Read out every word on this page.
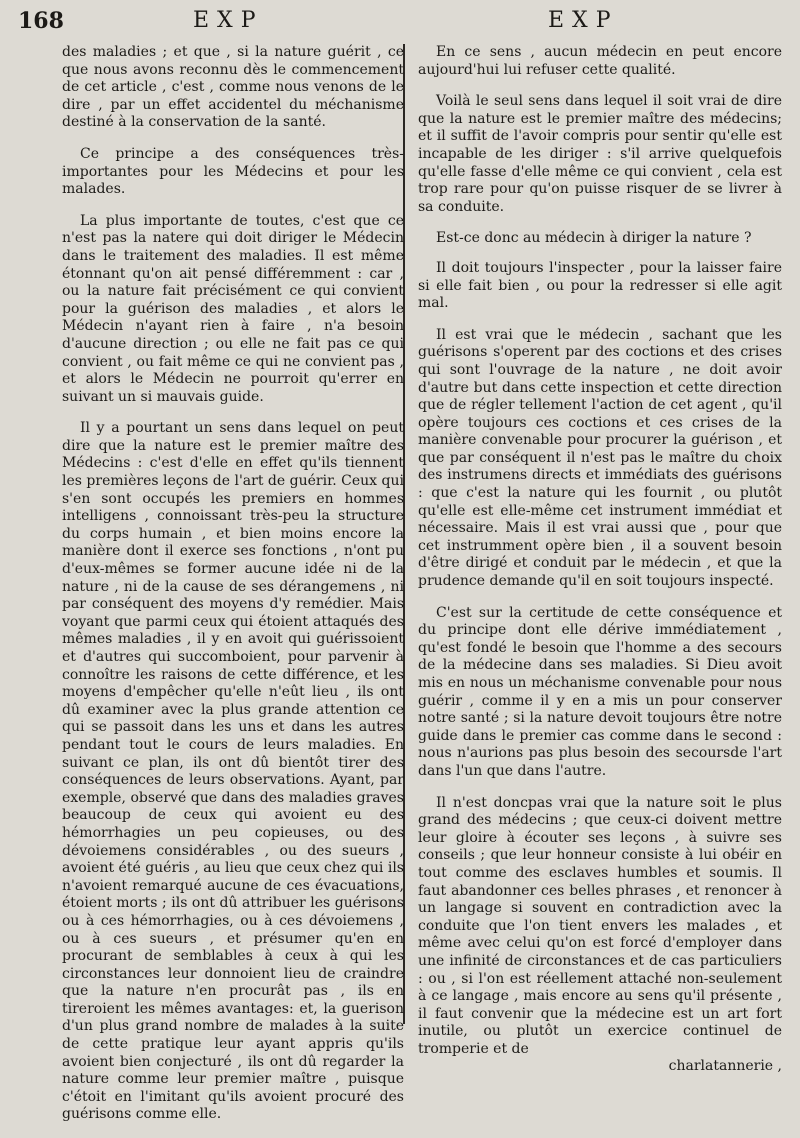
168	EXP	EXP

des maladies ; et que , si la nature guérit , ce que nous avons reconnu dès le commencement de cet article , c'est , comme nous venons de le dire , par un effet accidentel du méchanisme destiné à la conservation de la santé.

Ce principe a des conséquences très-importantes pour les Médecins et pour les malades.

La plus importante de toutes, c'est que ce n'est pas la natere qui doit diriger le Médecin dans le traitement des maladies. Il est même étonnant qu'on ait pensé différemment : car , ou la nature fait précisément ce qui convient pour la guérison des maladies , et alors le Médecin n'ayant rien à faire , n'a besoin d'aucune direction ; ou elle ne fait pas ce qui convient , ou fait même ce qui ne convient pas , et alors le Médecin ne pourroit qu'errer en suivant un si mauvais guide.

Il y a pourtant un sens dans lequel on peut dire que la nature est le premier maître des Médecins : c'est d'elle en effet qu'ils tiennent les premières leçons de l'art de guérir. Ceux qui s'en sont occupés les premiers en hommes intelligens , connoissant très-peu la structure du corps humain , et bien moins encore la manière dont il exerce ses fonctions , n'ont pu d'eux-mêmes se former aucune idée ni de la nature , ni de la cause de ses dérangemens , ni par conséquent des moyens d'y remédier. Mais voyant que parmi ceux qui étoient attaqués des mêmes maladies , il y en avoit qui guérissoient et d'autres qui succomboient, pour parvenir à connoître les raisons de cette différence, et les moyens d'empêcher qu'elle n'eût lieu , ils ont dû examiner avec la plus grande attention ce qui se passoit dans les uns et dans les autres pendant tout le cours de leurs maladies. En suivant ce plan, ils ont dû bientôt tirer des conséquences de leurs observations. Ayant, par exemple, observé que dans des maladies graves beaucoup de ceux qui avoient eu des hémorrhagies un peu copieuses, ou des dévoiemens considérables , ou des sueurs , avoient été guéris , au lieu que ceux chez qui ils n'avoient remarqué aucune de ces évacuations, étoient morts ; ils ont dû attribuer les guérisons ou à ces hémorrhagies, ou à ces dévoiemens , ou à ces sueurs , et présumer qu'en en procurant de semblables à ceux à qui les circonstances leur donnoient lieu de craindre que la nature n'en procurât pas , ils en tireroient les mêmes avantages: et, la guerison d'un plus grand nombre de malades à la suite de cette pratique leur ayant appris qu'ils avoient bien conjecturé , ils ont dû regarder la nature comme leur premier maître , puisque c'étoit en l'imitant qu'ils avoient procuré des guérisons comme elle.

En ce sens , aucun médecin en peut encore aujourd'hui lui refuser cette qualité.

Voilà le seul sens dans lequel il soit vrai de dire que la nature est le premier maître des médecins; et il suffit de l'avoir compris pour sentir qu'elle est incapable de les diriger : s'il arrive quelquefois qu'elle fasse d'elle même ce qui convient , cela est trop rare pour qu'on puisse risquer de se livrer à sa conduite.

Est-ce donc au médecin à diriger la nature ?

Il doit toujours l'inspecter , pour la laisser faire si elle fait bien , ou pour la redresser si elle agit mal.

Il est vrai que le médecin , sachant que les guérisons s'operent par des coctions et des crises qui sont l'ouvrage de la nature , ne doit avoir d'autre but dans cette inspection et cette direction que de régler tellement l'action de cet agent , qu'il opère toujours ces coctions et ces crises de la manière convenable pour procurer la guérison , et que par conséquent il n'est pas le maître du choix des instrumens directs et immédiats des guérisons : que c'est la nature qui les fournit , ou plutôt qu'elle est elle-même cet instrument immédiat et nécessaire. Mais il est vrai aussi que , pour que cet instrumment opère bien , il a souvent besoin d'être dirigé et conduit par le médecin , et que la prudence demande qu'il en soit toujours inspecté.

C'est sur la certitude de cette conséquence et du principe dont elle dérive immédiatement , qu'est fondé le besoin que l'homme a des secours de la médecine dans ses maladies. Si Dieu avoit mis en nous un méchanisme convenable pour nous guérir , comme il y en a mis un pour conserver notre santé ; si la nature devoit toujours être notre guide dans le premier cas comme dans le second : nous n'aurions pas plus besoin des secoursde l'art dans l'un que dans l'autre.

Il n'est doncpas vrai que la nature soit le plus grand des médecins ; que ceux-ci doivent mettre leur gloire à écouter ses leçons , à suivre ses conseils ; que leur honneur consiste à lui obéir en tout comme des esclaves humbles et soumis. Il faut abandonner ces belles phrases , et renoncer à un langage si souvent en contradiction avec la conduite que l'on tient envers les malades , et même avec celui qu'on est forcé d'employer dans une infinité de circonstances et de cas particuliers : ou , si l'on est réellement attaché non-seulement à ce langage , mais encore au sens qu'il présente , il faut convenir que la médecine est un art fort inutile, ou plutôt un exercice continuel de tromperie et de

charlatannerie ,
